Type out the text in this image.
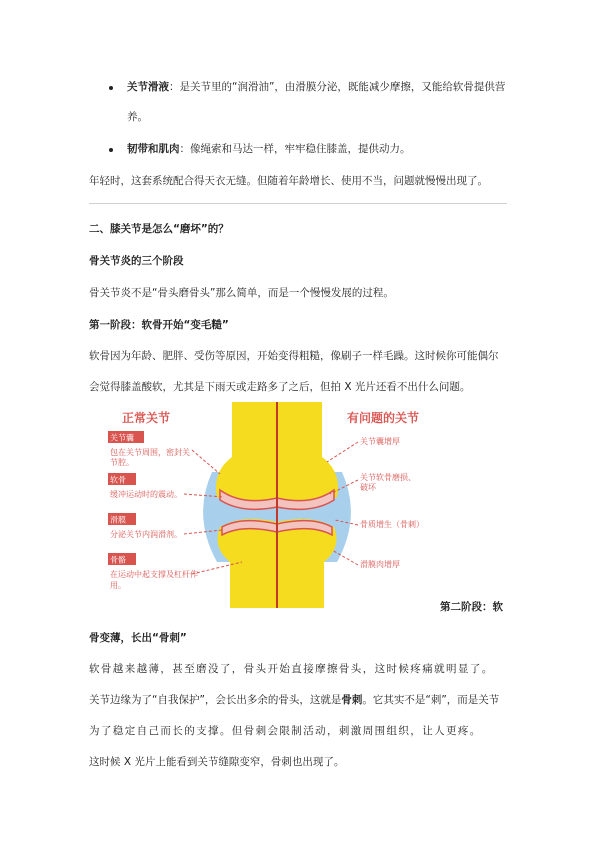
关节滑液：是关节里的“润滑油”，由滑膜分泌，既能减少摩擦，又能给软骨提供营
养。
韧带和肌肉：像绳索和马达一样，牢牢稳住膝盖，提供动力。
年轻时，这套系统配合得天衣无缝。但随着年龄增长、使用不当，问题就慢慢出现了。
二、膝关节是怎么“磨坏”的？
骨关节炎的三个阶段
骨关节炎不是“骨头磨骨头”那么简单，而是一个慢慢发展的过程。
第一阶段：软骨开始“变毛糙”
软骨因为年龄、肥胖、受伤等原因，开始变得粗糙，像刷子一样毛躁。这时候你可能偶尔
会觉得膝盖酸软，尤其是下雨天或走路多了之后，但拍 X 光片还看不出什么问题。
正常关节	有问题的关节
关节囊
包在关节周围，密封关
节腔。
软骨
缓冲运动时的震动。
滑膜
分泌关节内润滑剂。
骨骼
在运动中起支撑及杠杆作
用。
关节囊增厚
关节软骨磨损、
破坏
骨质增生（骨刺）
滑膜肉增厚
第二阶段：软
骨变薄，长出“骨刺”
软骨越来越薄，甚至磨没了，骨头开始直接摩擦骨头，这时候疼痛就明显了。
关节边缘为了“自我保护”，会长出多余的骨头，这就是骨刺。它其实不是“刺”，而是关节
为了稳定自己而长的支撑。但骨刺会限制活动，刺激周围组织，让人更疼。
这时候 X 光片上能看到关节缝隙变窄，骨刺也出现了。
